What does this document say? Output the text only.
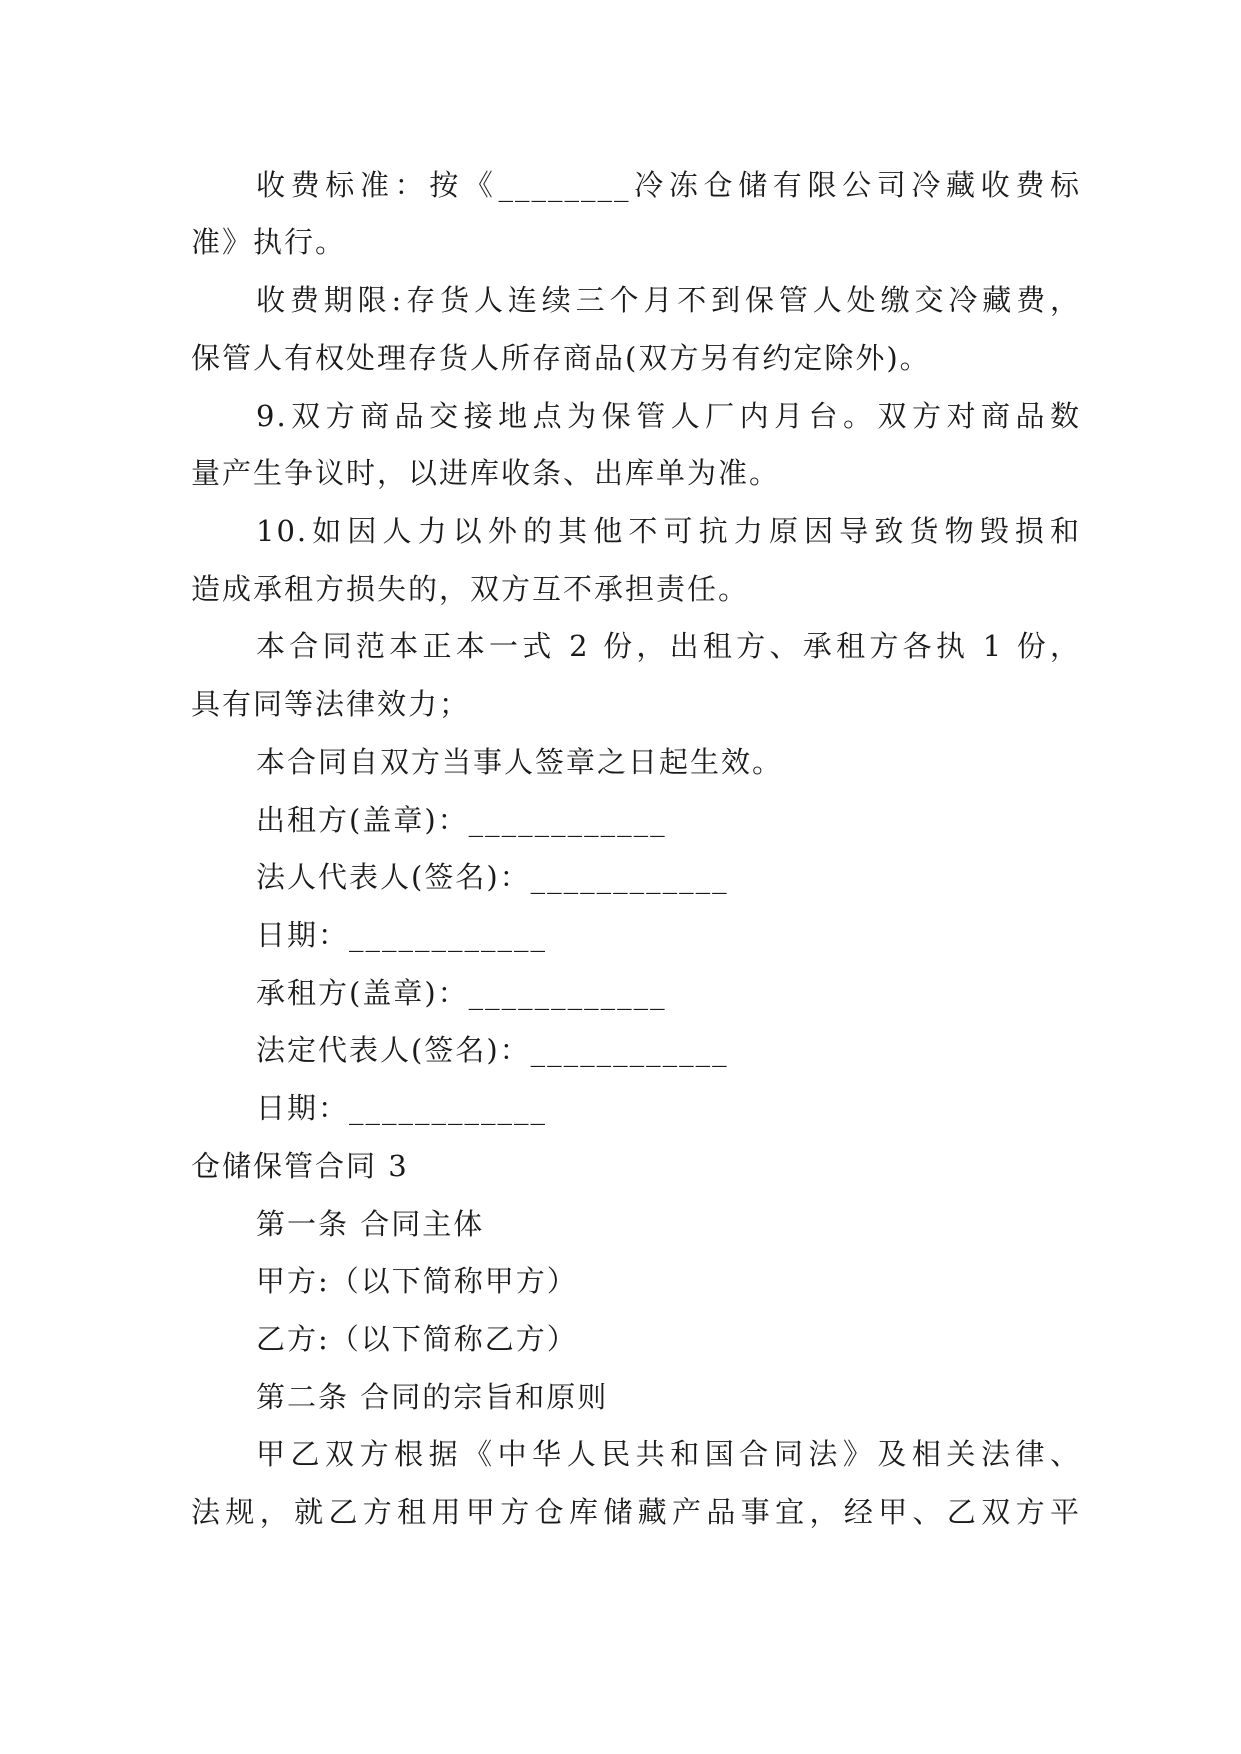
收费标准：按《________冷冻仓储有限公司冷藏收费标
准》执行。
收费期限:存货人连续三个月不到保管人处缴交冷藏费，
保管人有权处理存货人所存商品(双方另有约定除外)。
9.双方商品交接地点为保管人厂内月台。双方对商品数
量产生争议时，以进库收条、出库单为准。
10.如因人力以外的其他不可抗力原因导致货物毁损和
造成承租方损失的，双方互不承担责任。
本合同范本正本一式 2 份，出租方、承租方各执 1 份，
具有同等法律效力；
本合同自双方当事人签章之日起生效。
出租方(盖章)：____________
法人代表人(签名)：____________
日期：____________
承租方(盖章)：____________
法定代表人(签名)：____________
日期：____________
仓储保管合同 3
第一条 合同主体
甲方:（以下简称甲方）
乙方:（以下简称乙方）
第二条 合同的宗旨和原则
甲乙双方根据《中华人民共和国合同法》及相关法律、
法规，就乙方租用甲方仓库储藏产品事宜，经甲、乙双方平
